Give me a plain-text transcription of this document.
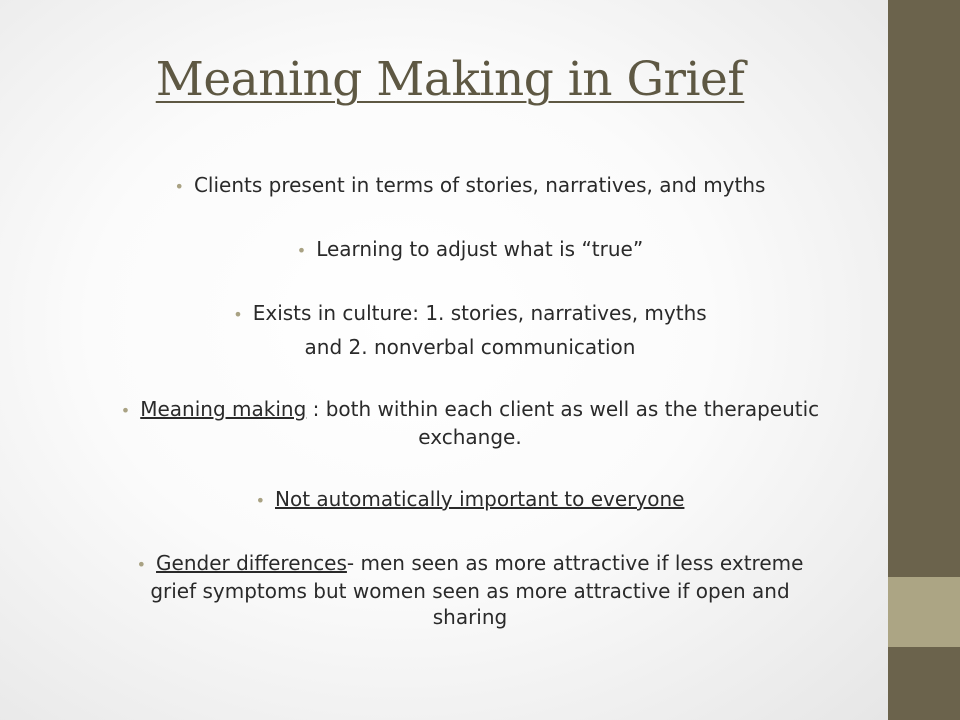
Meaning Making in Grief
• Clients present in terms of stories, narratives, and myths
• Learning to adjust what is “true”
• Exists in culture: 1. stories, narratives, myths
and 2. nonverbal communication
• Meaning making : both within each client as well as the therapeutic exchange.
• Not automatically important to everyone
• Gender differences- men seen as more attractive if less extreme grief symptoms but women seen as more attractive if open and sharing
